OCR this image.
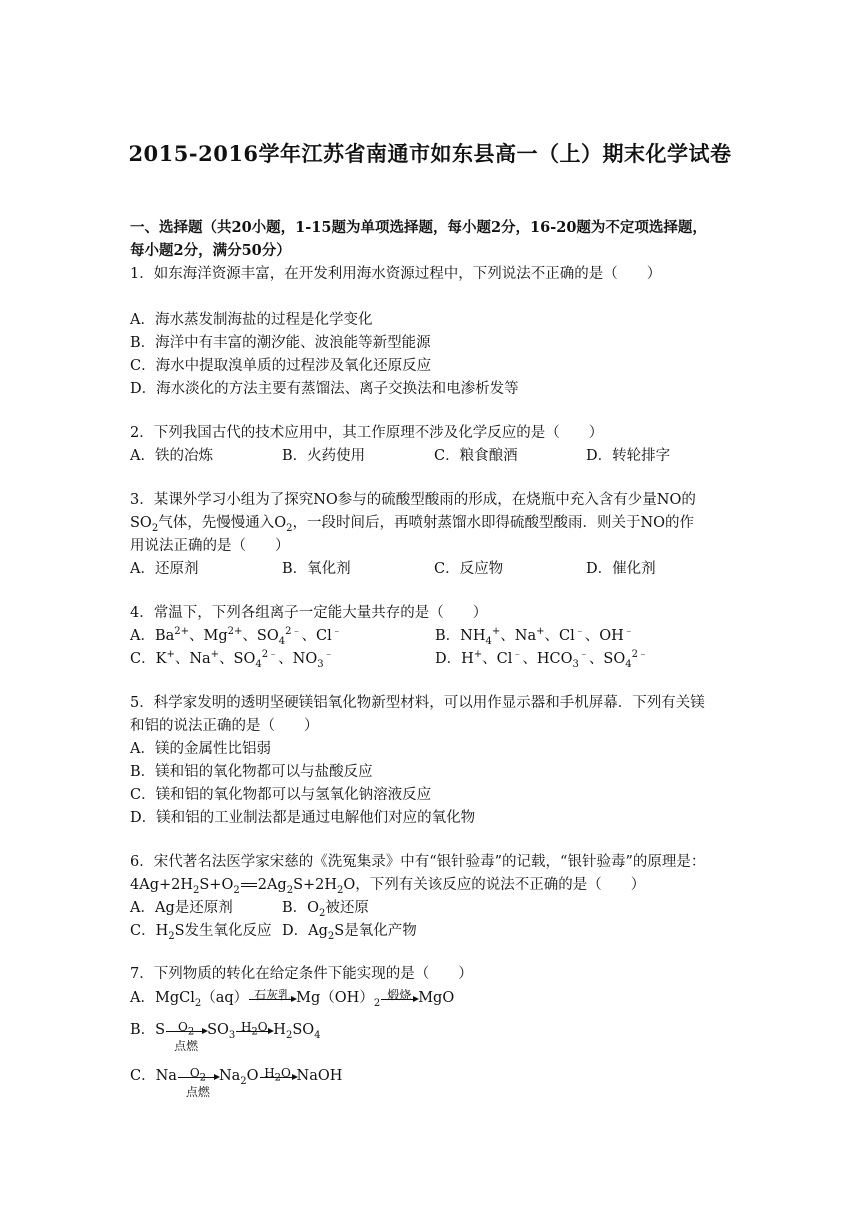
2015-2016学年江苏省南通市如东县高一（上）期末化学试卷
一、选择题（共20小题，1-15题为单项选择题，每小题2分，16-20题为不定项选择题，
每小题2分，满分50分）
1．如东海洋资源丰富，在开发利用海水资源过程中，下列说法不正确的是（　　）
A．海水蒸发制海盐的过程是化学变化
B．海洋中有丰富的潮汐能、波浪能等新型能源
C．海水中提取溴单质的过程涉及氧化还原反应
D．海水淡化的方法主要有蒸馏法、离子交换法和电渗析发等
2．下列我国古代的技术应用中，其工作原理不涉及化学反应的是（　　）
A．铁的冶炼	B．火药使用	C．粮食酿酒	D．转轮排字
3．某课外学习小组为了探究NO参与的硫酸型酸雨的形成，在烧瓶中充入含有少量NO的
$SO_2$气体，先慢慢通入$O_2$，一段时间后，再喷射蒸馏水即得硫酸型酸雨．则关于NO的作
用说法正确的是（　　）
A．还原剂	B．氧化剂	C．反应物	D．催化剂
4．常温下，下列各组离子一定能大量共存的是（　　）
A．$Ba^{2+}$、$Mg^{2+}$、$SO_4^{2﹣}$、Cl﹣	B．$NH_4^+$、Na+、Cl﹣、OH﹣
C．K+、Na+、$SO_4^{2﹣}$、$NO_3^﹣$	D．H+、Cl﹣、$HCO_3^﹣$、$SO_4^{2﹣}$
5．科学家发明的透明坚硬镁铝氧化物新型材料，可以用作显示器和手机屏幕．下列有关镁
和铝的说法正确的是（　　）
A．镁的金属性比铝弱
B．镁和铝的氧化物都可以与盐酸反应
C．镁和铝的氧化物都可以与氢氧化钠溶液反应
D．镁和铝的工业制法都是通过电解他们对应的氧化物
6．宋代著名法医学家宋慈的《洗冤集录》中有“银针验毒”的记载，“银针验毒”的原理是：
$4Ag+2H_2S+O_2$ $2Ag_2S+2H_2O$，下列有关该反应的说法不正确的是（　　）
A．Ag是还原剂	B．$O_2$被还原
C．$H_2S$发生氧化反应 D．$Ag_2S$是氧化产物
7．下列物质的转化在给定条件下能实现的是（　　）
A．MgCl$_2$（aq） 石灰乳 $Mg(OH)_2$
煅烧 MgO
B．S	$O_2$
点燃
$SO_3$
$H_2O$ $H_2SO_4$
C．Na	$O_2$
点燃
$Na_2O$ $H_2O$ NaOH
